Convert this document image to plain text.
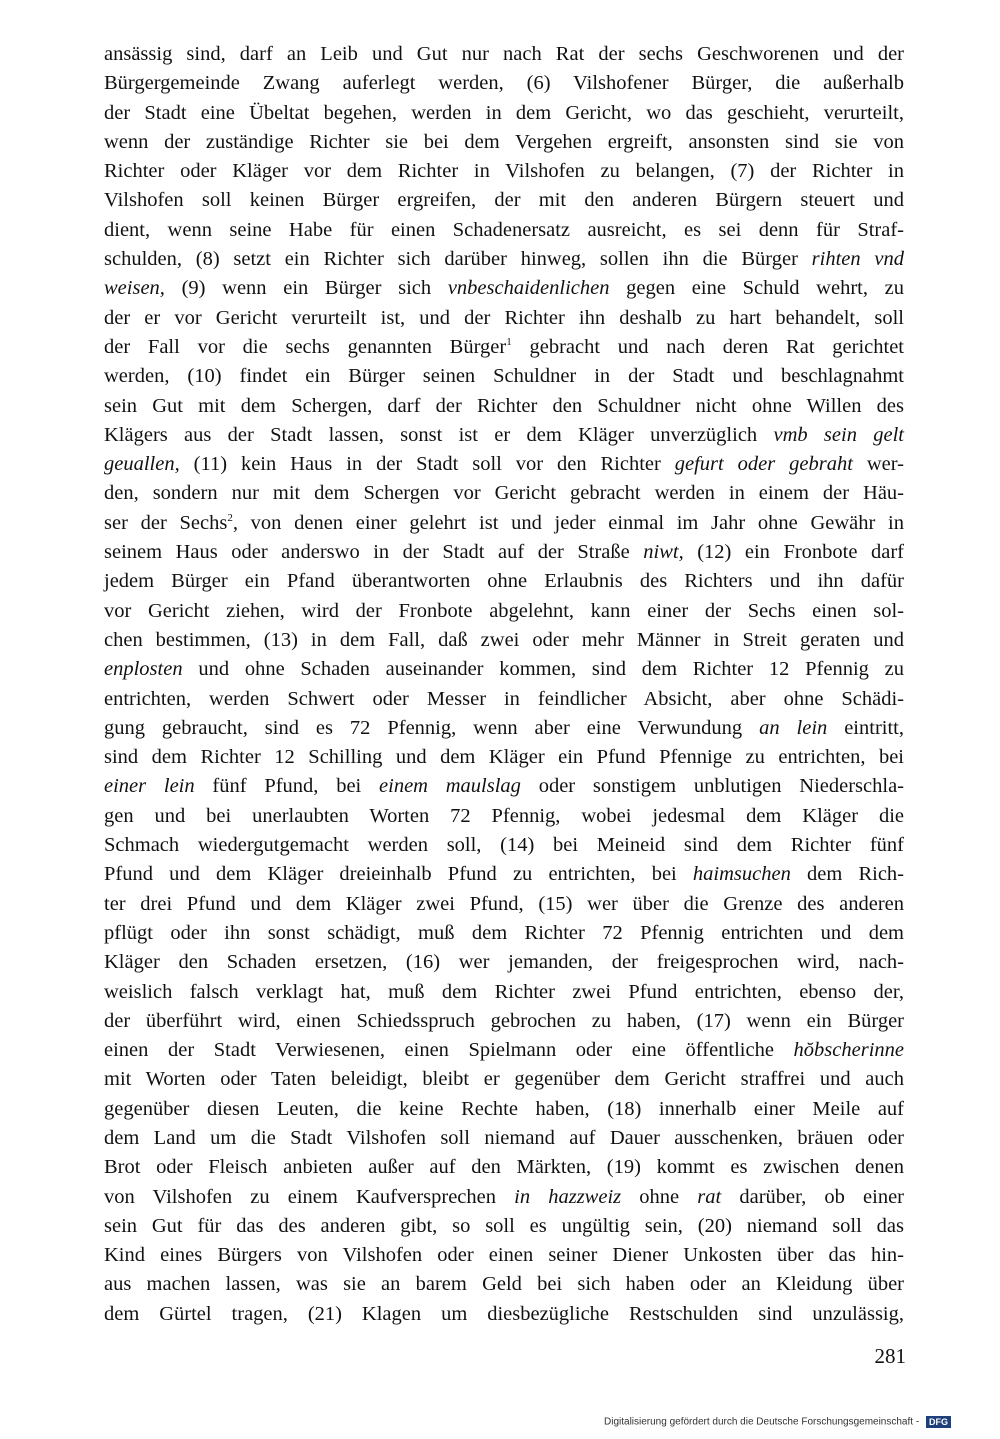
ansässig sind, darf an Leib und Gut nur nach Rat der sechs Geschworenen und der
Bürgergemeinde Zwang auferlegt werden, (6) Vilshofener Bürger, die außerhalb
der Stadt eine Übeltat begehen, werden in dem Gericht, wo das geschieht, verurteilt,
wenn der zuständige Richter sie bei dem Vergehen ergreift, ansonsten sind sie von
Richter oder Kläger vor dem Richter in Vilshofen zu belangen, (7) der Richter in
Vilshofen soll keinen Bürger ergreifen, der mit den anderen Bürgern steuert und
dient, wenn seine Habe für einen Schadenersatz ausreicht, es sei denn für Straf-
schulden, (8) setzt ein Richter sich darüber hinweg, sollen ihn die Bürger rihten vnd
weisen, (9) wenn ein Bürger sich vnbeschaidenlichen gegen eine Schuld wehrt, zu
der er vor Gericht verurteilt ist, und der Richter ihn deshalb zu hart behandelt, soll
der Fall vor die sechs genannten Bürger$^1$ gebracht und nach deren Rat gerichtet
werden, (10) findet ein Bürger seinen Schuldner in der Stadt und beschlagnahmt
sein Gut mit dem Schergen, darf der Richter den Schuldner nicht ohne Willen des
Klägers aus der Stadt lassen, sonst ist er dem Kläger unverzüglich vmb sein gelt
geuallen, (11) kein Haus in der Stadt soll vor den Richter gefurt oder gebraht wer-
den, sondern nur mit dem Schergen vor Gericht gebracht werden in einem der Häu-
ser der Sechs$^2$, von denen einer gelehrt ist und jeder einmal im Jahr ohne Gewähr in
seinem Haus oder anderswo in der Stadt auf der Straße niwt, (12) ein Fronbote darf
jedem Bürger ein Pfand überantworten ohne Erlaubnis des Richters und ihn dafür
vor Gericht ziehen, wird der Fronbote abgelehnt, kann einer der Sechs einen sol-
chen bestimmen, (13) in dem Fall, daß zwei oder mehr Männer in Streit geraten und
enplosten und ohne Schaden auseinander kommen, sind dem Richter 12 Pfennig zu
entrichten, werden Schwert oder Messer in feindlicher Absicht, aber ohne Schädi-
gung gebraucht, sind es 72 Pfennig, wenn aber eine Verwundung an lein eintritt,
sind dem Richter 12 Schilling und dem Kläger ein Pfund Pfennige zu entrichten, bei
einer lein fünf Pfund, bei einem maulslag oder sonstigem unblutigen Niederschla-
gen und bei unerlaubten Worten 72 Pfennig, wobei jedesmal dem Kläger die
Schmach wiedergutgemacht werden soll, (14) bei Meineid sind dem Richter fünf
Pfund und dem Kläger dreieinhalb Pfund zu entrichten, bei haimsuchen dem Rich-
ter drei Pfund und dem Kläger zwei Pfund, (15) wer über die Grenze des anderen
pflügt oder ihn sonst schädigt, muß dem Richter 72 Pfennig entrichten und dem
Kläger den Schaden ersetzen, (16) wer jemanden, der freigesprochen wird, nach-
weislich falsch verklagt hat, muß dem Richter zwei Pfund entrichten, ebenso der,
der überführt wird, einen Schiedsspruch gebrochen zu haben, (17) wenn ein Bürger
einen der Stadt Verwiesenen, einen Spielmann oder eine öffentliche hŏbscherinne
mit Worten oder Taten beleidigt, bleibt er gegenüber dem Gericht straffrei und auch
gegenüber diesen Leuten, die keine Rechte haben, (18) innerhalb einer Meile auf
dem Land um die Stadt Vilshofen soll niemand auf Dauer ausschenken, bräuen oder
Brot oder Fleisch anbieten außer auf den Märkten, (19) kommt es zwischen denen
von Vilshofen zu einem Kaufversprechen in hazzweiz ohne rat darüber, ob einer
sein Gut für das des anderen gibt, so soll es ungültig sein, (20) niemand soll das
Kind eines Bürgers von Vilshofen oder einen seiner Diener Unkosten über das hin-
aus machen lassen, was sie an barem Geld bei sich haben oder an Kleidung über
dem Gürtel tragen, (21) Klagen um diesbezügliche Restschulden sind unzulässig,
281
Digitalisierung gefördert durch die Deutsche Forschungsgemeinschaft - DFG
